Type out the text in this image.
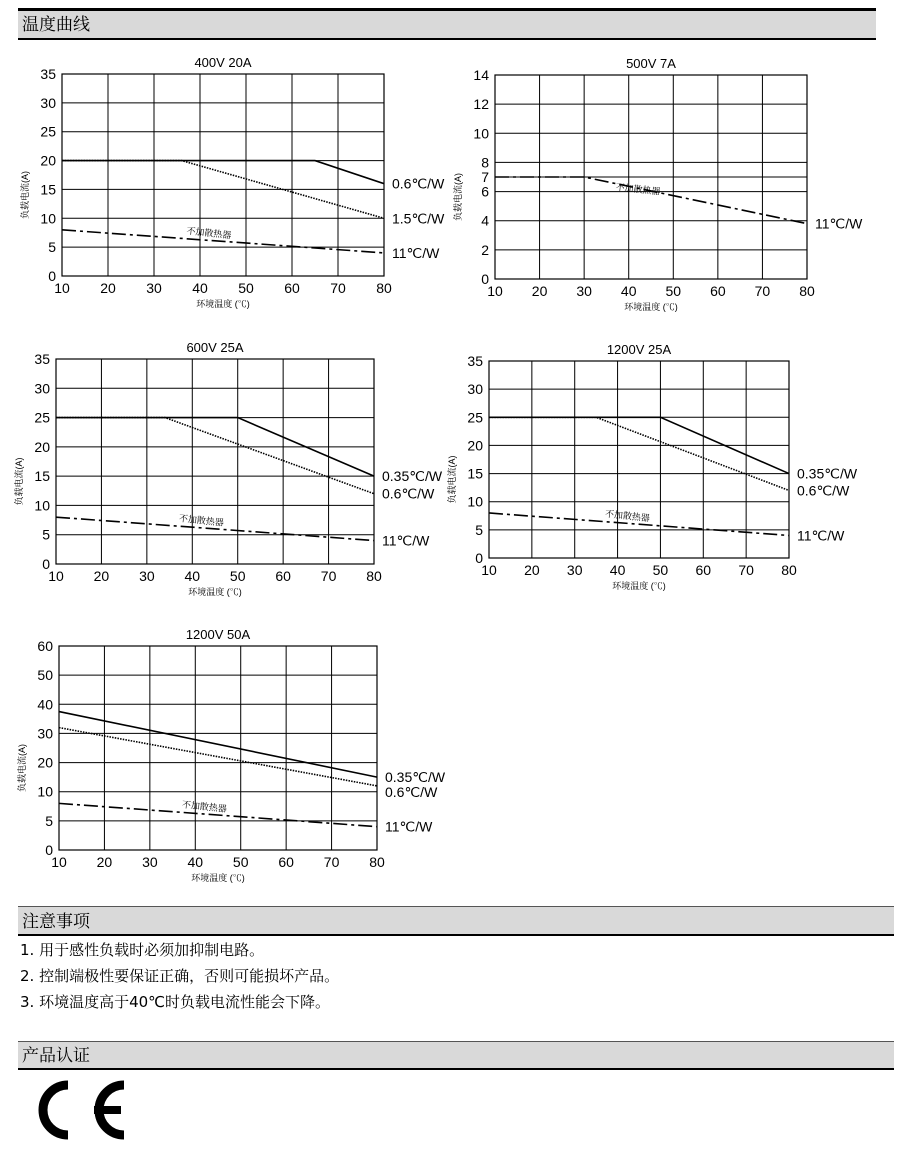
温度曲线
400V 20A
10 20 30 40 50 60 70 80
0
5
10
15
20
25
30
35
环境温度 (℃)
负载电流(A)	0.6℃/W
1.5℃/W
11℃/W
不加散热器
500V 7A
10 20 30 40 50 60 70 80
0
2
4
6
7
8
10
12
14
环境温度 (℃)
负载电流(A)
11℃/W
不加散热器
600V 25A
10 20 30 40 50 60 70 80
0
5
10
15
20
25
30
35
环境温度 (℃)
负载电流(A)	0.35℃/W
0.6℃/W
11℃/W
不加散热器
1200V 25A
10 20 30 40 50 60 70 80
0
5
10
15
20
25
30
35
环境温度 (℃)
负载电流(A)	0.35℃/W
0.6℃/W
11℃/W
不加散热器
1200V 50A
10 20 30 40 50 60 70 80
0
5
10
20
30
40
50
60
环境温度 (℃)
负载电流(A)	0.35℃/W
0.6℃/W
11℃/W
不加散热器
注意事项
1. 用于感性负载时必须加抑制电路。
2. 控制端极性要保证正确，否则可能损坏产品。
3. 环境温度高于40℃时负载电流性能会下降。
产品认证
